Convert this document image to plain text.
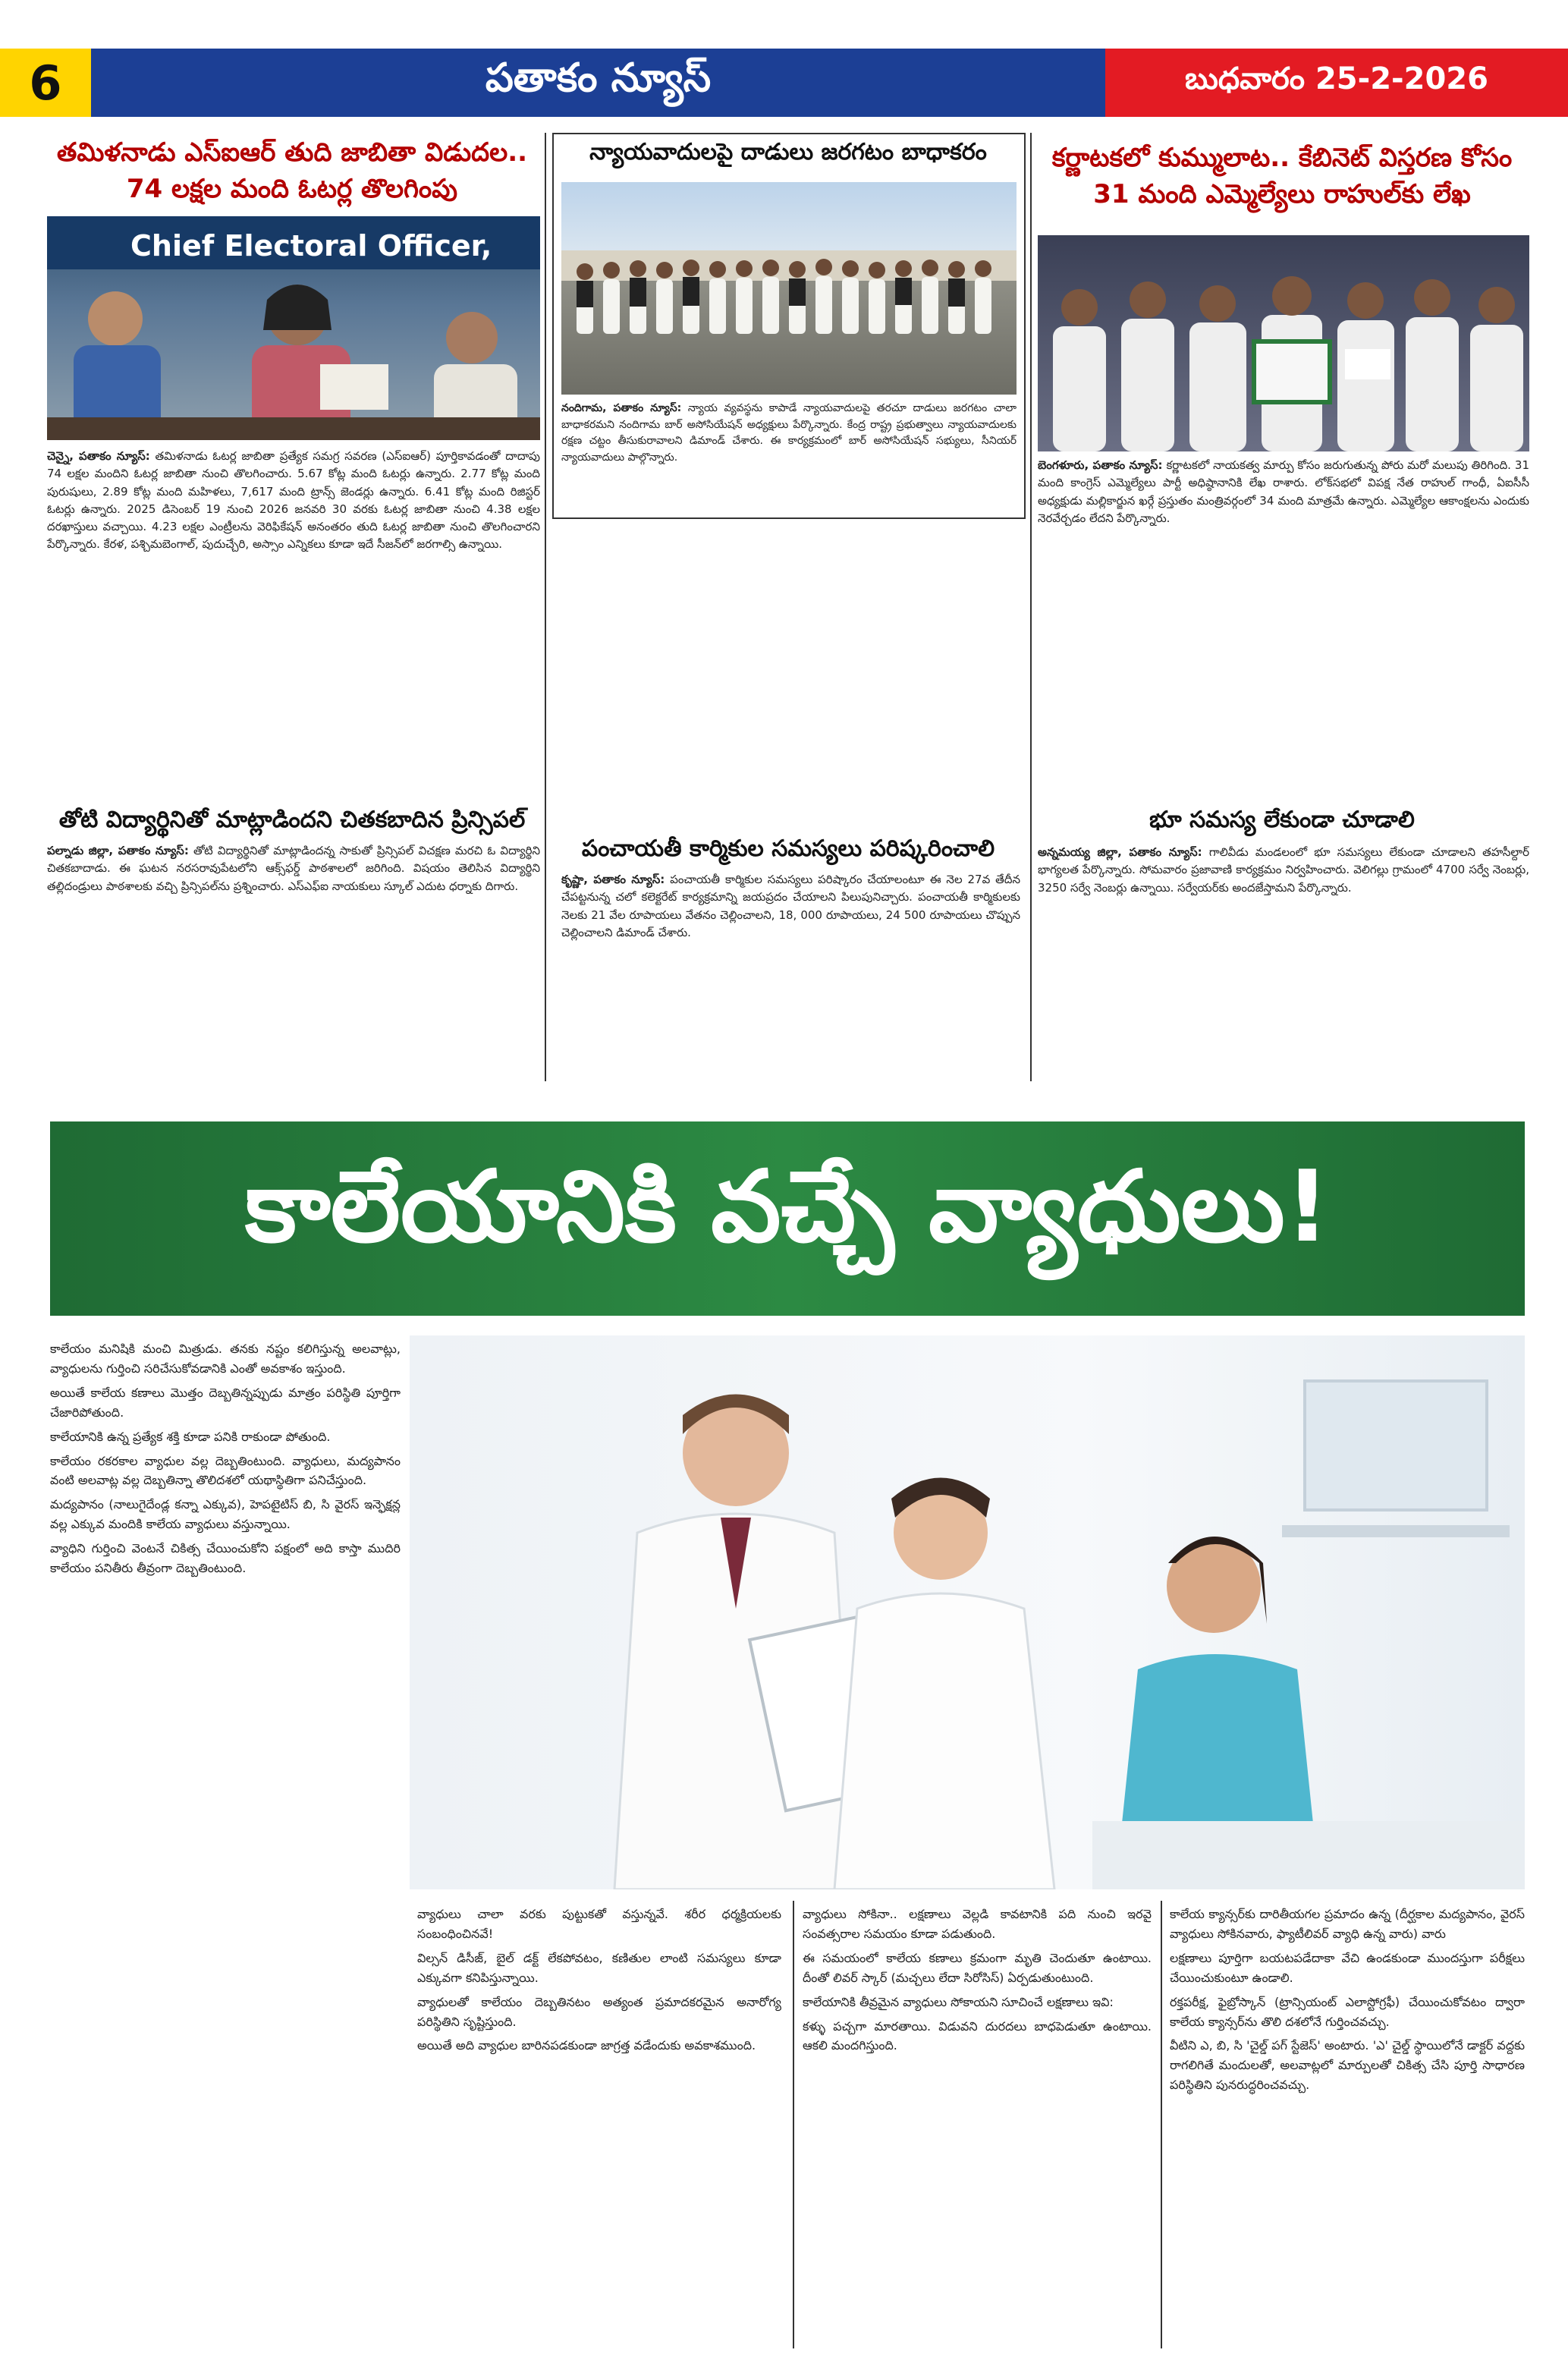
6	పతాకం న్యూస్	బుధవారం 25-2-2026
తమిళనాడు ఎస్ఐఆర్ తుది జాబితా విడుదల..
74 లక్షల మంది ఓటర్ల తొలగింపు
Chief Electoral Officer,
చెన్నై, పతాకం న్యూస్: తమిళనాడు ఓటర్ల జాబితా ప్రత్యేక సమగ్ర సవరణ (ఎస్ఐఆర్) పూర్తికావడంతో దాదాపు 74 లక్షల మందిని ఓటర్ల జాబితా నుంచి తొలగించారు. 5.67 కోట్ల మంది ఓటర్లు ఉన్నారు. 2.77 కోట్ల మంది పురుషులు, 2.89 కోట్ల మంది మహిళలు, 7,617 మంది ట్రాన్స్ జెండర్లు ఉన్నారు. 6.41 కోట్ల మంది రిజిస్టర్ ఓటర్లు ఉన్నారు. 2025 డిసెంబర్ 19 నుంచి 2026 జనవరి 30 వరకు ఓటర్ల జాబితా నుంచి 4.38 లక్షల దరఖాస్తులు వచ్చాయి. 4.23 లక్షల ఎంట్రీలను వెరిఫికేషన్ అనంతరం తుది ఓటర్ల జాబితా నుంచి తొలగించారని పేర్కొన్నారు. కేరళ, పశ్చిమబెంగాల్, పుదుచ్చేరి, అస్సాం ఎన్నికలు కూడా ఇదే సీజన్‌లో జరగాల్సి ఉన్నాయి.
తోటి విద్యార్థినితో మాట్లాడిందని చితకబాదిన ప్రిన్సిపల్
పల్నాడు జిల్లా, పతాకం న్యూస్: తోటి విద్యార్థినితో మాట్లాడిందన్న సాకుతో ప్రిన్సిపల్ విచక్షణ మరచి ఓ విద్యార్థిని చితకబాదాడు. ఈ ఘటన నరసరావుపేటలోని ఆక్స్‌ఫర్డ్ పాఠశాలలో జరిగింది. విషయం తెలిసిన విద్యార్థిని తల్లిదండ్రులు పాఠశాలకు వచ్చి ప్రిన్సిపల్‌ను ప్రశ్నించారు. ఎస్ఎఫ్ఐ నాయకులు స్కూల్ ఎదుట ధర్నాకు దిగారు.
న్యాయవాదులపై దాడులు జరగటం బాధాకరం
నందిగామ, పతాకం న్యూస్: న్యాయ వ్యవస్థను కాపాడే న్యాయవాదులపై తరచూ దాడులు జరగటం చాలా బాధాకరమని నందిగామ బార్ అసోసియేషన్ అధ్యక్షులు పేర్కొన్నారు. కేంద్ర రాష్ట్ర ప్రభుత్వాలు న్యాయవాదులకు రక్షణ చట్టం తీసుకురావాలని డిమాండ్ చేశారు. ఈ కార్యక్రమంలో బార్ అసోసియేషన్ సభ్యులు, సీనియర్ న్యాయవాదులు పాల్గొన్నారు.
పంచాయతీ కార్మికుల సమస్యలు పరిష్కరించాలి
కృష్ణా, పతాకం న్యూస్: పంచాయతీ కార్మికుల సమస్యలు పరిష్కారం చేయాలంటూ ఈ నెల 27వ తేదీన చేపట్టనున్న చలో కలెక్టరేట్ కార్యక్రమాన్ని జయప్రదం చేయాలని పిలుపునిచ్చారు. పంచాయతీ కార్మికులకు నెలకు 21 వేల రూపాయలు వేతనం చెల్లించాలని, 18, 000 రూపాయలు, 24 500 రూపాయలు చొప్పున చెల్లించాలని డిమాండ్ చేశారు.
కర్ణాటకలో కుమ్ములాట.. కేబినెట్ విస్తరణ కోసం
31 మంది ఎమ్మెల్యేలు రాహుల్‌కు లేఖ
బెంగళూరు, పతాకం న్యూస్: కర్ణాటకలో నాయకత్వ మార్పు కోసం జరుగుతున్న పోరు మరో మలుపు తిరిగింది. 31 మంది కాంగ్రెస్ ఎమ్మెల్యేలు పార్టీ అధిష్ఠానానికి లేఖ రాశారు. లోక్‌సభలో విపక్ష నేత రాహుల్ గాంధీ, ఏఐసీసీ అధ్యక్షుడు మల్లికార్జున ఖర్గే ప్రస్తుతం మంత్రివర్గంలో 34 మంది మాత్రమే ఉన్నారు. ఎమ్మెల్యేల ఆకాంక్షలను ఎందుకు నెరవేర్చడం లేదని పేర్కొన్నారు.
భూ సమస్య లేకుండా చూడాలి
అన్నమయ్య జిల్లా, పతాకం న్యూస్: గాలివీడు మండలంలో భూ సమస్యలు లేకుండా చూడాలని తహసీల్దార్ భాగ్యలత పేర్కొన్నారు. సోమవారం ప్రజావాణి కార్యక్రమం నిర్వహించారు. వెలిగల్లు గ్రామంలో 4700 సర్వే నెంబర్లు, 3250 సర్వే నెంబర్లు ఉన్నాయి. సర్వేయర్‌కు అందజేస్తామని పేర్కొన్నారు.
కాలేయానికి వచ్చే వ్యాధులు!

కాలేయం మనిషికి మంచి మిత్రుడు. తనకు నష్టం కలిగిస్తున్న అలవాట్లు, వ్యాధులను గుర్తించి సరిచేసుకోవడానికి ఎంతో అవకాశం ఇస్తుంది.

అయితే కాలేయ కణాలు మొత్తం దెబ్బతిన్నప్పుడు మాత్రం పరిస్థితి పూర్తిగా చేజారిపోతుంది.

కాలేయానికి ఉన్న ప్రత్యేక శక్తి కూడా పనికి రాకుండా పోతుంది.

కాలేయం రకరకాల వ్యాధుల వల్ల దెబ్బతింటుంది. వ్యాధులు, మద్యపానం వంటి అలవాట్ల వల్ల దెబ్బతిన్నా తొలిదశలో యథాస్థితిగా పనిచేస్తుంది.

మద్యపానం (నాలుగైదేండ్ల కన్నా ఎక్కువ), హెపటైటిస్ బి, సి వైరస్ ఇన్ఫెక్షన్ల వల్ల ఎక్కువ మందికి కాలేయ వ్యాధులు వస్తున్నాయి.

వ్యాధిని గుర్తించి వెంటనే చికిత్స చేయించుకోని పక్షంలో అది కాస్తా ముదిరి కాలేయం పనితీరు తీవ్రంగా దెబ్బతింటుంది.

వ్యాధులు చాలా వరకు పుట్టుకతో వస్తున్నవే. శరీర ధర్మక్రియలకు సంబంధించినవే!

విల్సన్ డిసీజ్, బైల్ డక్ట్ లేకపోవటం, కణితుల లాంటి సమస్యలు కూడా ఎక్కువగా కనిపిస్తున్నాయి.

వ్యాధులతో కాలేయం దెబ్బతినటం అత్యంత ప్రమాదకరమైన అనారోగ్య పరిస్థితిని సృష్టిస్తుంది.

అయితే అది వ్యాధుల బారినపడకుండా జాగ్రత్త వడేందుకు అవకాశముంది.

వ్యాధులు సోకినా.. లక్షణాలు వెల్లడి కావటానికి పది నుంచి ఇరవై సంవత్సరాల సమయం కూడా పడుతుంది.

ఈ సమయంలో కాలేయ కణాలు క్రమంగా మృతి చెందుతూ ఉంటాయి. దీంతో లివర్ స్కార్ (మచ్చలు లేదా సిరోసిస్) ఏర్పడుతుంటుంది.

కాలేయానికి తీవ్రమైన వ్యాధులు సోకాయని సూచించే లక్షణాలు ఇవి:

కళ్ళు పచ్చగా మారతాయి. విడువని దురదలు బాధపెడుతూ ఉంటాయి. ఆకలి మందగిస్తుంది.

కాలేయ క్యాన్సర్‌కు దారితీయగల ప్రమాదం ఉన్న (దీర్ఘకాల మద్యపానం, వైరస్ వ్యాధులు సోకినవారు, ఫ్యాటీలివర్ వ్యాధి ఉన్న వారు) వారు

లక్షణాలు పూర్తిగా బయటపడేదాకా వేచి ఉండకుండా ముందస్తుగా పరీక్షలు చేయించుకుంటూ ఉండాలి.

రక్తపరీక్ష, ఫైబ్రోస్కాన్ (ట్రాన్సియంట్ ఎలాస్టోగ్రఫీ) చేయించుకోవటం ద్వారా కాలేయ క్యాన్సర్‌ను తొలి దశలోనే గుర్తించవచ్చు.

వీటిని ఎ, బి, సి 'చైల్డ్ పగ్ స్టేజెస్' అంటారు. 'ఎ' చైల్డ్ స్థాయిలోనే డాక్టర్ వద్దకు రాగలిగితే మందులతో, అలవాట్లలో మార్పులతో చికిత్స చేసి పూర్తి సాధారణ పరిస్థితిని పునరుద్ధరించవచ్చు.
